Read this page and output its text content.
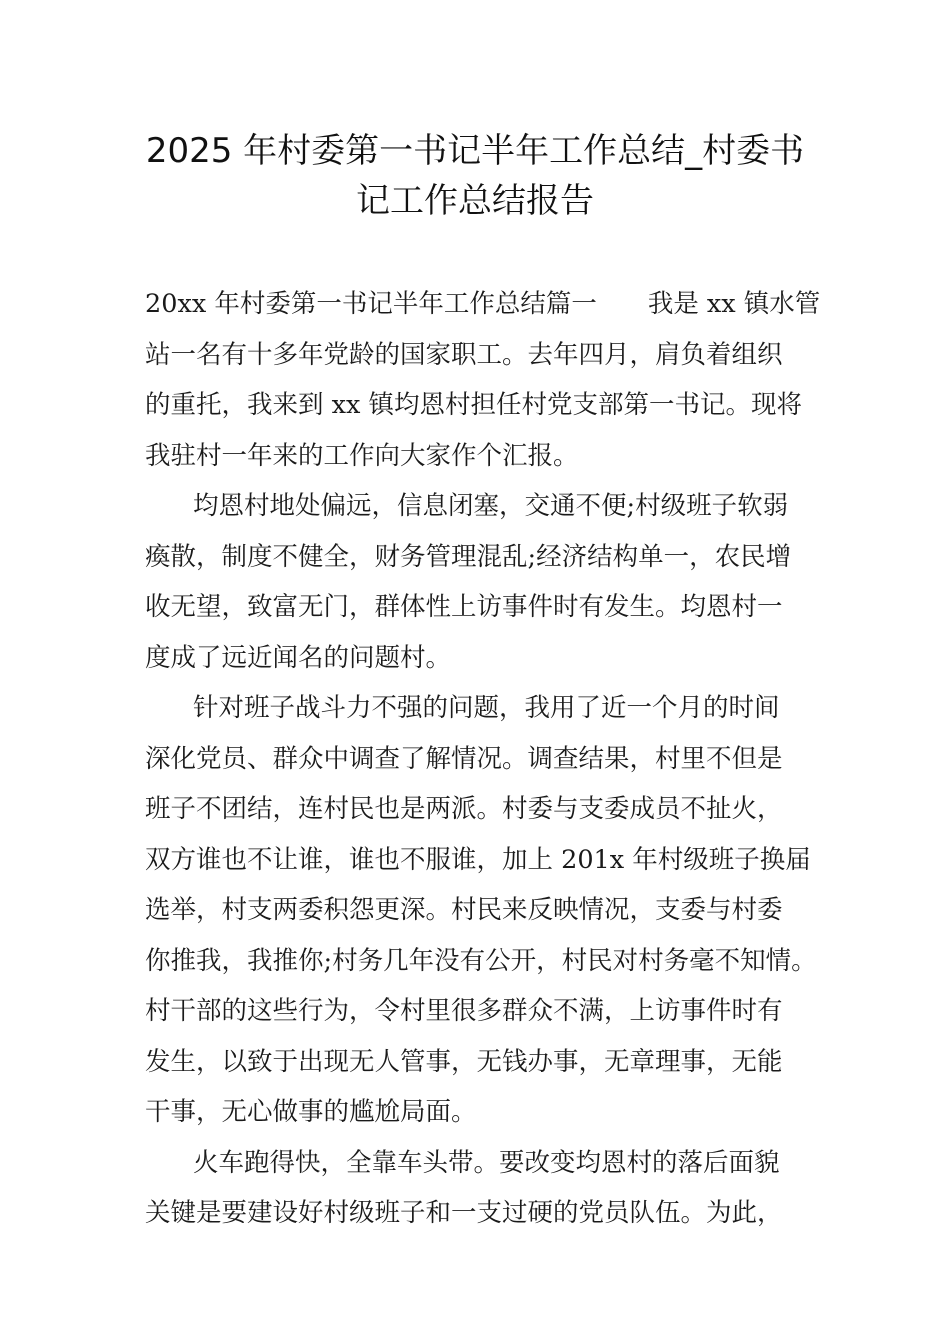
2025 年村委第一书记半年工作总结_村委书
记工作总结报告
20xx 年村委第一书记半年工作总结篇一　　我是 xx 镇水管
站一名有十多年党龄的国家职工。去年四月，肩负着组织
的重托，我来到 xx 镇均恩村担任村党支部第一书记。现将
我驻村一年来的工作向大家作个汇报。
均恩村地处偏远，信息闭塞，交通不便;村级班子软弱
瘓散，制度不健全，财务管理混乱;经济结构单一，农民增
收无望，致富无门，群体性上访事件时有发生。均恩村一
度成了远近闻名的问题村。
针对班子战斗力不强的问题，我用了近一个月的时间
深化党员、群众中调查了解情况。调查结果，村里不但是
班子不团结，连村民也是两派。村委与支委成员不扯火，
双方谁也不让谁，谁也不服谁，加上 201x 年村级班子换届
选举，村支两委积怨更深。村民来反映情况，支委与村委
你推我，我推你;村务几年没有公开，村民对村务毫不知情。
村干部的这些行为，令村里很多群众不满，上访事件时有
发生，以致于出现无人管事，无钱办事，无章理事，无能
干事，无心做事的尴尬局面。
火车跑得快，全靠车头带。要改变均恩村的落后面貌
关键是要建设好村级班子和一支过硬的党员队伍。为此，
